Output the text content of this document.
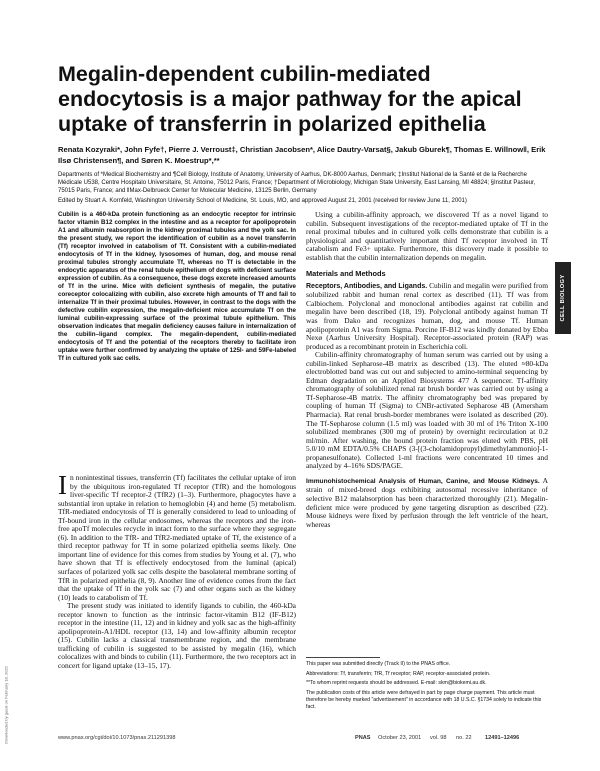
Megalin-dependent cubilin-mediated endocytosis is a major pathway for the apical uptake of transferrin in polarized epithelia
Renata Kozyraki*, John Fyfe†, Pierre J. Verroust‡, Christian Jacobsen*, Alice Dautry-Varsat§, Jakub Gburek¶, Thomas E. Willnow‖, Erik Ilsø Christensen¶, and Søren K. Moestrup*,**
Departments of *Medical Biochemistry and ¶Cell Biology, Institute of Anatomy, University of Aarhus, DK-8000 Aarhus, Denmark; ‡Institut National de la Santé et de la Recherche Médicale U538, Centre Hospitalo Universitaire, St. Antoine, 75012 Paris, France; †Department of Microbiology, Michigan State University, East Lansing, MI 48824; §Institut Pasteur, 75015 Paris, France; and ‖Max-Delbrueck Center for Molecular Medicine, 13125 Berlin, Germany
Edited by Stuart A. Kornfeld, Washington University School of Medicine, St. Louis, MO, and approved August 21, 2001 (received for review June 11, 2001)
Cubilin is a 460-kDa protein functioning as an endocytic receptor for intrinsic factor vitamin B12 complex in the intestine and as a receptor for apolipoprotein A1 and albumin reabsorption in the kidney proximal tubules and the yolk sac. In the present study, we report the identification of cubilin as a novel transferrin (Tf) receptor involved in catabolism of Tf. Consistent with a cubilin-mediated endocytosis of Tf in the kidney, lysosomes of human, dog, and mouse renal proximal tubules strongly accumulate Tf, whereas no Tf is detectable in the endocytic apparatus of the renal tubule epithelium of dogs with deficient surface expression of cubilin. As a consequence, these dogs excrete increased amounts of Tf in the urine. Mice with deficient synthesis of megalin, the putative coreceptor colocalizing with cubilin, also excrete high amounts of Tf and fail to internalize Tf in their proximal tubules. However, in contrast to the dogs with the defective cubilin expression, the megalin-deficient mice accumulate Tf on the luminal cubilin-expressing surface of the proximal tubule epithelium. This observation indicates that megalin deficiency causes failure in internalization of the cubilin–ligand complex. The megalin-dependent, cubilin-mediated endocytosis of Tf and the potential of the receptors thereby to facilitate iron uptake were further confirmed by analyzing the uptake of 125I- and 59Fe-labeled Tf in cultured yolk sac cells.

In nonintestinal tissues, transferrin (Tf) facilitates the cellular uptake of iron by the ubiquitous iron-regulated Tf receptor (TfR) and the homologous liver-specific Tf receptor-2 (TfR2) (1–3). Furthermore, phagocytes have a substantial iron uptake in relation to hemoglobin (4) and heme (5) metabolism. TfR-mediated endocytosis of Tf is generally considered to lead to unloading of Tf-bound iron in the cellular endosomes, whereas the receptors and the iron-free apoTf molecules recycle in intact form to the surface where they segregate (6). In addition to the TfR- and TfR2-mediated uptake of Tf, the existence of a third receptor pathway for Tf in some polarized epithelia seems likely. One important line of evidence for this comes from studies by Young et al. (7), who have shown that Tf is effectively endocytosed from the luminal (apical) surfaces of polarized yolk sac cells despite the basolateral membrane sorting of TfR in polarized epithelia (8, 9). Another line of evidence comes from the fact that the uptake of Tf in the yolk sac (7) and other organs such as the kidney (10) leads to catabolism of Tf.

The present study was initiated to identify ligands to cubilin, the 460-kDa receptor known to function as the intrinsic factor-vitamin B12 (IF-B12) receptor in the intestine (11, 12) and in kidney and yolk sac as the high-affinity apolipoprotein-A1/HDL receptor (13, 14) and low-affinity albumin receptor (15). Cubilin lacks a classical transmembrane region, and the membrane trafficking of cubilin is suggested to be assisted by megalin (16), which colocalizes with and binds to cubilin (11). Furthermore, the two receptors act in concert for ligand uptake (13–15, 17).

Using a cubilin-affinity approach, we discovered Tf as a novel ligand to cubilin. Subsequent investigations of the receptor-mediated uptake of Tf in the renal proximal tubules and in cultured yolk cells demonstrate that cubilin is a physiological and quantitatively important third Tf receptor involved in Tf catabolism and Fe3+ uptake. Furthermore, this discovery made it possible to establish that the cubilin internalization depends on megalin.

Materials and Methods

Receptors, Antibodies, and Ligands. Cubilin and megalin were purified from solubilized rabbit and human renal cortex as described (11). Tf was from Calbiochem. Polyclonal and monoclonal antibodies against rat cubilin and megalin have been described (18, 19). Polyclonal antibody against human Tf was from Dako and recognizes human, dog, and mouse Tf. Human apolipoprotein A1 was from Sigma. Porcine IF-B12 was kindly donated by Ebba Nexø (Aarhus University Hospital). Receptor-associated protein (RAP) was produced as a recombinant protein in Escherichia coli.

Cubilin-affinity chromatography of human serum was carried out by using a cubilin-linked Sepharose-4B matrix as described (13). The eluted ≈80-kDa electroblotted band was cut out and subjected to amino-terminal sequencing by Edman degradation on an Applied Biosystems 477 A sequencer. Tf-affinity chromatography of solubilized renal rat brush border was carried out by using a Tf-Sepharose-4B matrix. The affinity chromatography bed was prepared by coupling of human Tf (Sigma) to CNBr-activated Sepharose 4B (Amersham Pharmacia). Rat renal brush-border membranes were isolated as described (20). The Tf-Sepharose column (1.5 ml) was loaded with 30 ml of 1% Triton X-100 solubilized membranes (300 mg of protein) by overnight recirculation at 0.2 ml/min. After washing, the bound protein fraction was eluted with PBS, pH 5.0/10 mM EDTA/0.5% CHAPS (3-[(3-cholamidopropyl)dimethylammonio]-1-propanesulfonate). Collected 1-ml fractions were concentrated 10 times and analyzed by 4–16% SDS/PAGE.

Immunohistochemical Analysis of Human, Canine, and Mouse Kidneys. A strain of mixed-breed dogs exhibiting autosomal recessive inheritance of selective B12 malabsorption has been characterized thoroughly (21). Megalin-deficient mice were produced by gene targeting disruption as described (22). Mouse kidneys were fixed by perfusion through the left ventricle of the heart, whereas

This paper was submitted directly (Track II) to the PNAS office.

Abbreviations: Tf, transferrin; TfR, Tf receptor; RAP, receptor-associated protein.

**To whom reprint requests should be addressed. E-mail: skm@biokemi.au.dk.

The publication costs of this article were defrayed in part by page charge payment. This article must therefore be hereby marked "advertisement" in accordance with 18 U.S.C. §1734 solely to indicate this fact.

www.pnas.org/cgi/doi/10.1073/pnas.211291398	PNAS October 23, 2001 vol. 98 no. 22 12491–12496
CELL BIOLOGY
Downloaded by guest on February 18, 2022
